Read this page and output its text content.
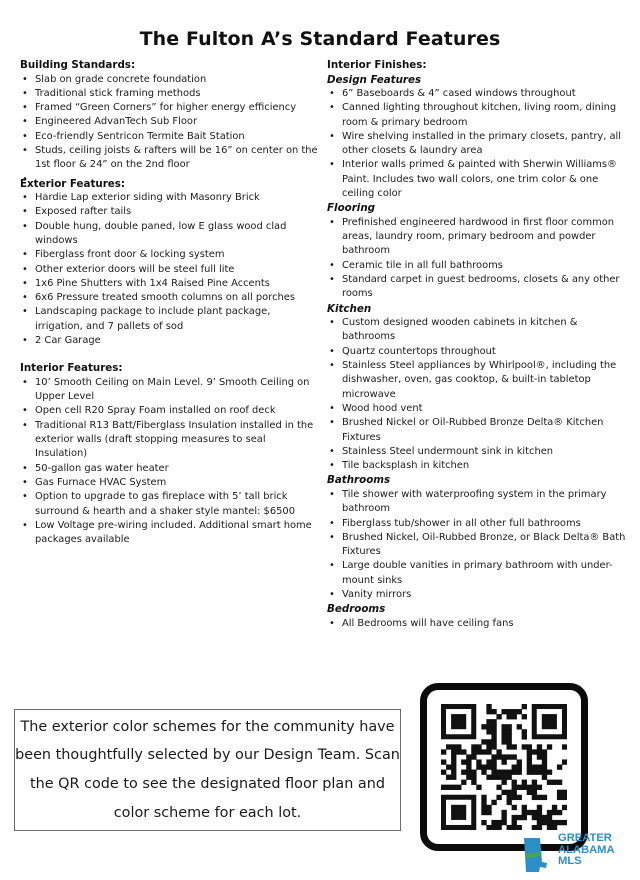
The Fulton A’s Standard Features
Building Standards:
• Slab on grade concrete foundation
• Traditional stick framing methods
• Framed “Green Corners” for higher energy efficiency
• Engineered AdvanTech Sub Floor
• Eco-friendly Sentricon Termite Bait Station
• Studs, ceiling joists & rafters will be 16” on center on the 1st floor & 24” on the 2nd floor
Exterior Features:
• Hardie Lap exterior siding with Masonry Brick
• Exposed rafter tails
• Double hung, double paned, low E glass wood clad windows
• Fiberglass front door & locking system
• Other exterior doors will be steel full lite
• 1x6 Pine Shutters with 1x4 Raised Pine Accents
• 6x6 Pressure treated smooth columns on all porches
• Landscaping package to include plant package, irrigation, and 7 pallets of sod
• 2 Car Garage
Interior Features:
• 10’ Smooth Ceiling on Main Level. 9’ Smooth Ceiling on Upper Level
• Open cell R20 Spray Foam installed on roof deck
• Traditional R13 Batt/Fiberglass Insulation installed in the exterior walls (draft stopping measures to seal Insulation)
• 50-gallon gas water heater
• Gas Furnace HVAC System
• Option to upgrade to gas fireplace with 5’ tall brick surround & hearth and a shaker style mantel: $6500
• Low Voltage pre-wiring included. Additional smart home packages available
Interior Finishes:
Design Features
• 6” Baseboards & 4” cased windows throughout
• Canned lighting throughout kitchen, living room, dining room & primary bedroom
• Wire shelving installed in the primary closets, pantry, all other closets & laundry area
• Interior walls primed & painted with Sherwin Williams® Paint. Includes two wall colors, one trim color & one ceiling color
Flooring
• Prefinished engineered hardwood in first floor common areas, laundry room, primary bedroom and powder bathroom
• Ceramic tile in all full bathrooms
• Standard carpet in guest bedrooms, closets & any other rooms
Kitchen
• Custom designed wooden cabinets in kitchen & bathrooms
• Quartz countertops throughout
• Stainless Steel appliances by Whirlpool®, including the dishwasher, oven, gas cooktop, & built-in tabletop microwave
• Wood hood vent
• Brushed Nickel or Oil-Rubbed Bronze Delta® Kitchen Fixtures
• Stainless Steel undermount sink in kitchen
• Tile backsplash in kitchen
Bathrooms
• Tile shower with waterproofing system in the primary bathroom
• Fiberglass tub/shower in all other full bathrooms
• Brushed Nickel, Oil-Rubbed Bronze, or Black Delta® Bath Fixtures
• Large double vanities in primary bathroom with under-mount sinks
• Vanity mirrors
Bedrooms
• All Bedrooms will have ceiling fans

The exterior color schemes for the community have been thoughtfully selected by our Design Team. Scan the QR code to see the designated floor plan and color scheme for each lot.

GREATER
ALABAMA
MLS
